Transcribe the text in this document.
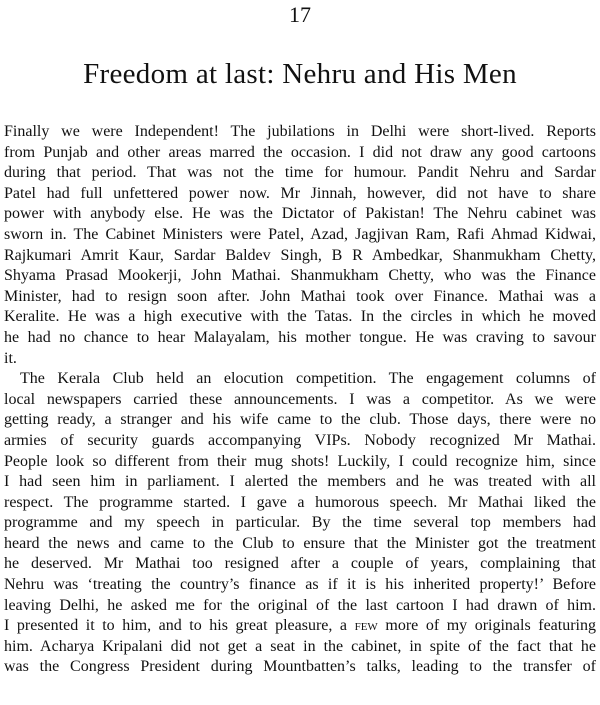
17
Freedom at last: Nehru and His Men
Finally we were Independent! The jubilations in Delhi were short-lived. Reports
from Punjab and other areas marred the occasion. I did not draw any good cartoons
during that period. That was not the time for humour. Pandit Nehru and Sardar
Patel had full unfettered power now. Mr Jinnah, however, did not have to share
power with anybody else. He was the Dictator of Pakistan! The Nehru cabinet was
sworn in. The Cabinet Ministers were Patel, Azad, Jagjivan Ram, Rafi Ahmad Kidwai,
Rajkumari Amrit Kaur, Sardar Baldev Singh, B R Ambedkar, Shanmukham Chetty,
Shyama Prasad Mookerji, John Mathai. Shanmukham Chetty, who was the Finance
Minister, had to resign soon after. John Mathai took over Finance. Mathai was a
Keralite. He was a high executive with the Tatas. In the circles in which he moved
he had no chance to hear Malayalam, his mother tongue. He was craving to savour
it.
The Kerala Club held an elocution competition. The engagement columns of
local newspapers carried these announcements. I was a competitor. As we were
getting ready, a stranger and his wife came to the club. Those days, there were no
armies of security guards accompanying VIPs. Nobody recognized Mr Mathai.
People look so different from their mug shots! Luckily, I could recognize him, since
I had seen him in parliament. I alerted the members and he was treated with all
respect. The programme started. I gave a humorous speech. Mr Mathai liked the
programme and my speech in particular. By the time several top members had
heard the news and came to the Club to ensure that the Minister got the treatment
he deserved. Mr Mathai too resigned after a couple of years, complaining that
Nehru was ‘treating the country’s finance as if it is his inherited property!’ Before
leaving Delhi, he asked me for the original of the last cartoon I had drawn of him.
I presented it to him, and to his great pleasure, a few more of my originals featuring
him. Acharya Kripalani did not get a seat in the cabinet, in spite of the fact that he
was the Congress President during Mountbatten’s talks, leading to the transfer of
